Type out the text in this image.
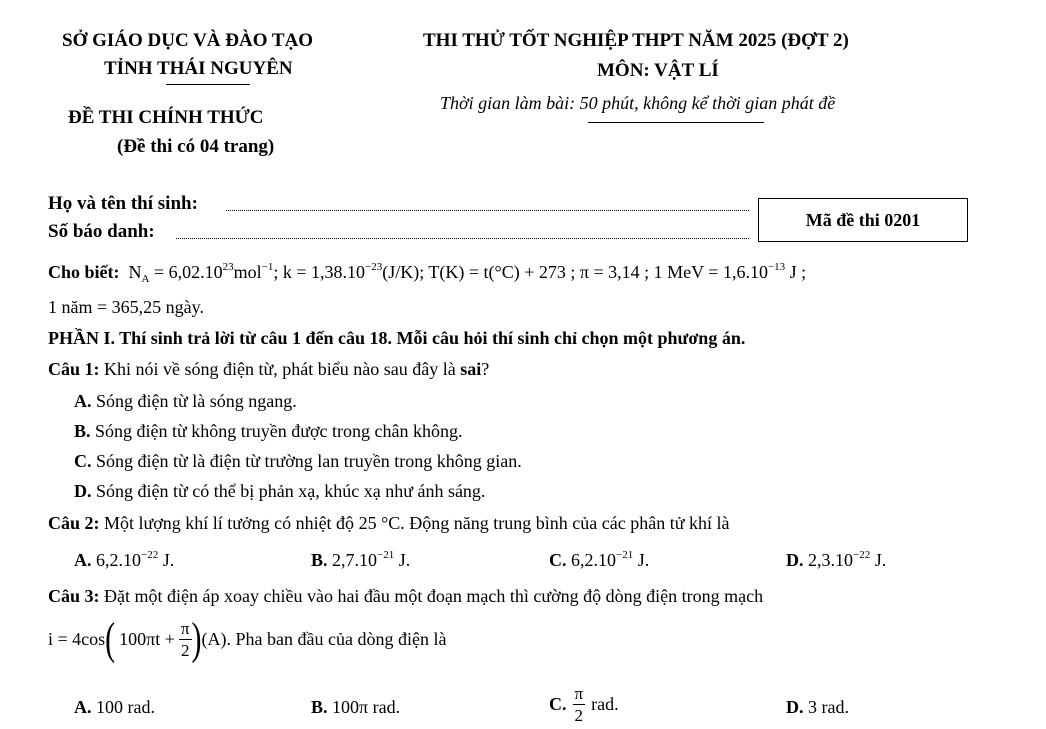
SỞ GIÁO DỤC VÀ ĐÀO TẠO
TỈNH THÁI NGUYÊN
ĐỀ THI CHÍNH THỨC
(Đề thi có 04 trang)
THI THỬ TỐT NGHIỆP THPT NĂM 2025 (ĐỢT 2)
MÔN: VẬT LÍ
Thời gian làm bài: 50 phút, không kể thời gian phát đề
Họ và tên thí sinh:
Số báo danh:
Mã đề thi 0201
Cho biết: $N_A = 6,02.10^{23}mol^{-1}$; $k = 1,38.10^{-23}(J/K)$; T(K) = t(°C) + 273 ; π = 3,14 ; 1 MeV = $1,6.10^{-13}$ J ;
1 năm = 365,25 ngày.
PHẦN I. Thí sinh trả lời từ câu 1 đến câu 18. Mỗi câu hỏi thí sinh chỉ chọn một phương án.
Câu 1: Khi nói về sóng điện từ, phát biểu nào sau đây là sai?
A. Sóng điện từ là sóng ngang.
B. Sóng điện từ không truyền được trong chân không.
C. Sóng điện từ là điện từ trường lan truyền trong không gian.
D. Sóng điện từ có thể bị phản xạ, khúc xạ như ánh sáng.
Câu 2: Một lượng khí lí tưởng có nhiệt độ 25 °C. Động năng trung bình của các phân tử khí là
A. $6,2.10^{-22}$ J.	B. $2,7.10^{-21}$ J.	C. $6,2.10^{-21}$ J.	D. $2,3.10^{-22}$ J.
Câu 3: Đặt một điện áp xoay chiều vào hai đầu một đoạn mạch thì cường độ dòng điện trong mạch
i = 4cos ( $100\pi t + \frac{\pi}{2}$ ) (A).
Pha ban đầu của dòng điện là
A. 100 rad.	B. 100π rad.	C. $\frac{\pi}{2}$ rad.	D. 3 rad.
